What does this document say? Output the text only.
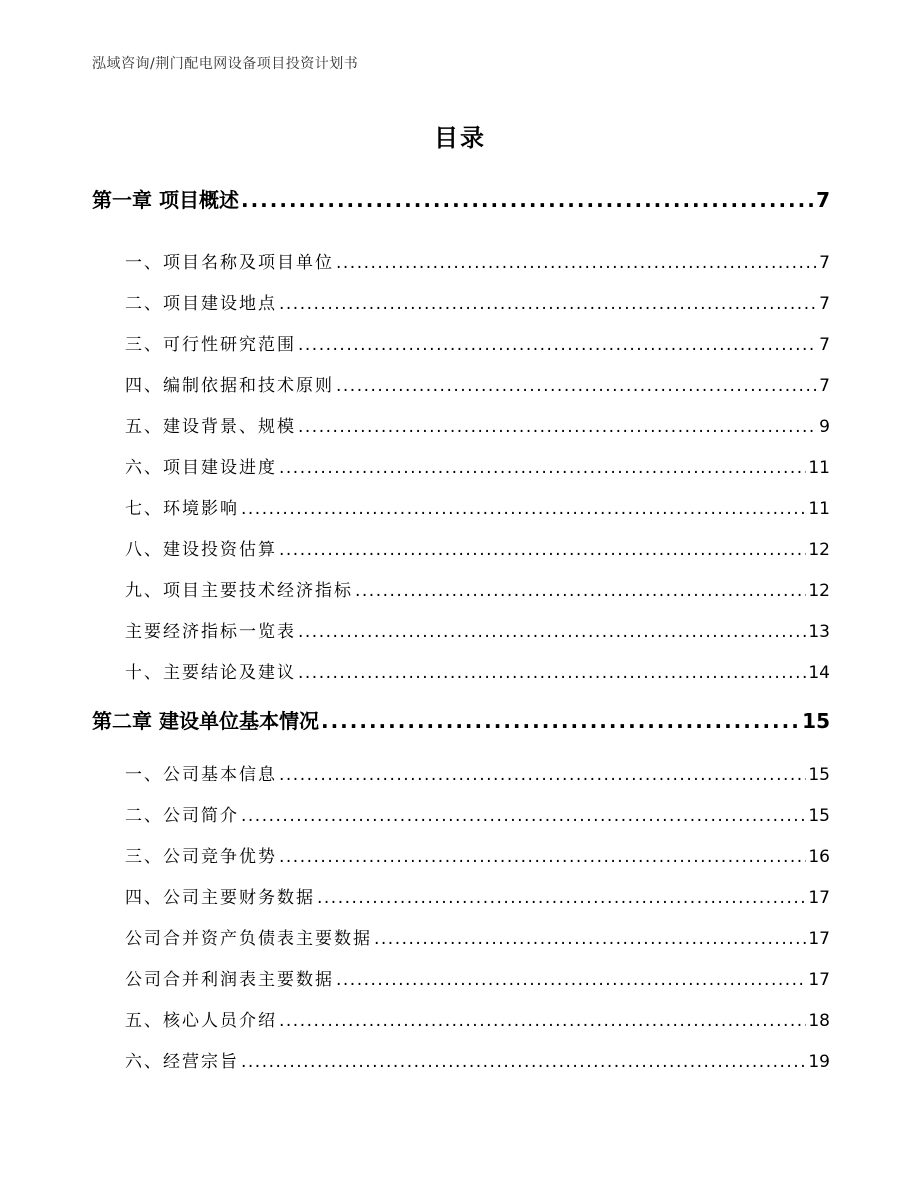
泓域咨询/荆门配电网设备项目投资计划书
目录
第一章 项目概述 .....	7
一、 项目名称及项目单位 .....	7
二、 项目建设地点 .....	7
三、 可行性研究范围 .....	7
四、 编制依据和技术原则 .....	7
五、 建设背景、规模 .....	9
六、 项目建设进度 .....	11
七、 环境影响 .....	11
八、 建设投资估算 .....	12
九、 项目主要技术经济指标 .....	12
主要经济指标一览表 .....	13
十、 主要结论及建议 .....	14
第二章 建设单位基本情况 .....	15
一、 公司基本信息 .....	15
二、 公司简介 .....	15
三、 公司竞争优势 .....	16
四、 公司主要财务数据 .....	17
公司合并资产负债表主要数据 .....	17
公司合并利润表主要数据 .....	17
五、 核心人员介绍 .....	18
六、 经营宗旨 .....	19
